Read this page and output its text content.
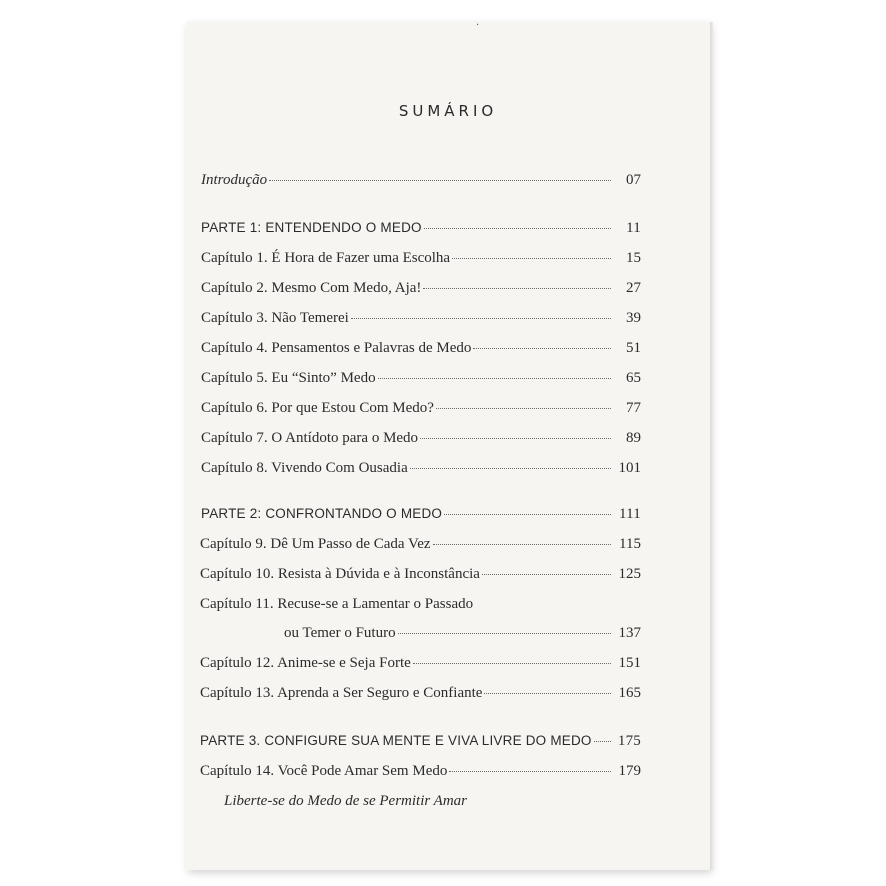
·
SUMÁRIO
Introdução	07
PARTE 1: ENTENDENDO O MEDO	11
Capítulo 1. É Hora de Fazer uma Escolha	15
Capítulo 2. Mesmo Com Medo, Aja!	27
Capítulo 3. Não Temerei	39
Capítulo 4. Pensamentos e Palavras de Medo	51
Capítulo 5. Eu “Sinto” Medo	65
Capítulo 6. Por que Estou Com Medo?	77
Capítulo 7. O Antídoto para o Medo	89
Capítulo 8. Vivendo Com Ousadia	101
PARTE 2: CONFRONTANDO O MEDO	111
Capítulo 9. Dê Um Passo de Cada Vez	115
Capítulo 10. Resista à Dúvida e à Inconstância	125
Capítulo 11. Recuse-se a Lamentar o Passado
ou Temer o Futuro	137
Capítulo 12. Anime-se e Seja Forte	151
Capítulo 13. Aprenda a Ser Seguro e Confiante	165
PARTE 3. CONFIGURE SUA MENTE E VIVA LIVRE DO MEDO 175
Capítulo 14. Você Pode Amar Sem Medo	179
Liberte-se do Medo de se Permitir Amar
